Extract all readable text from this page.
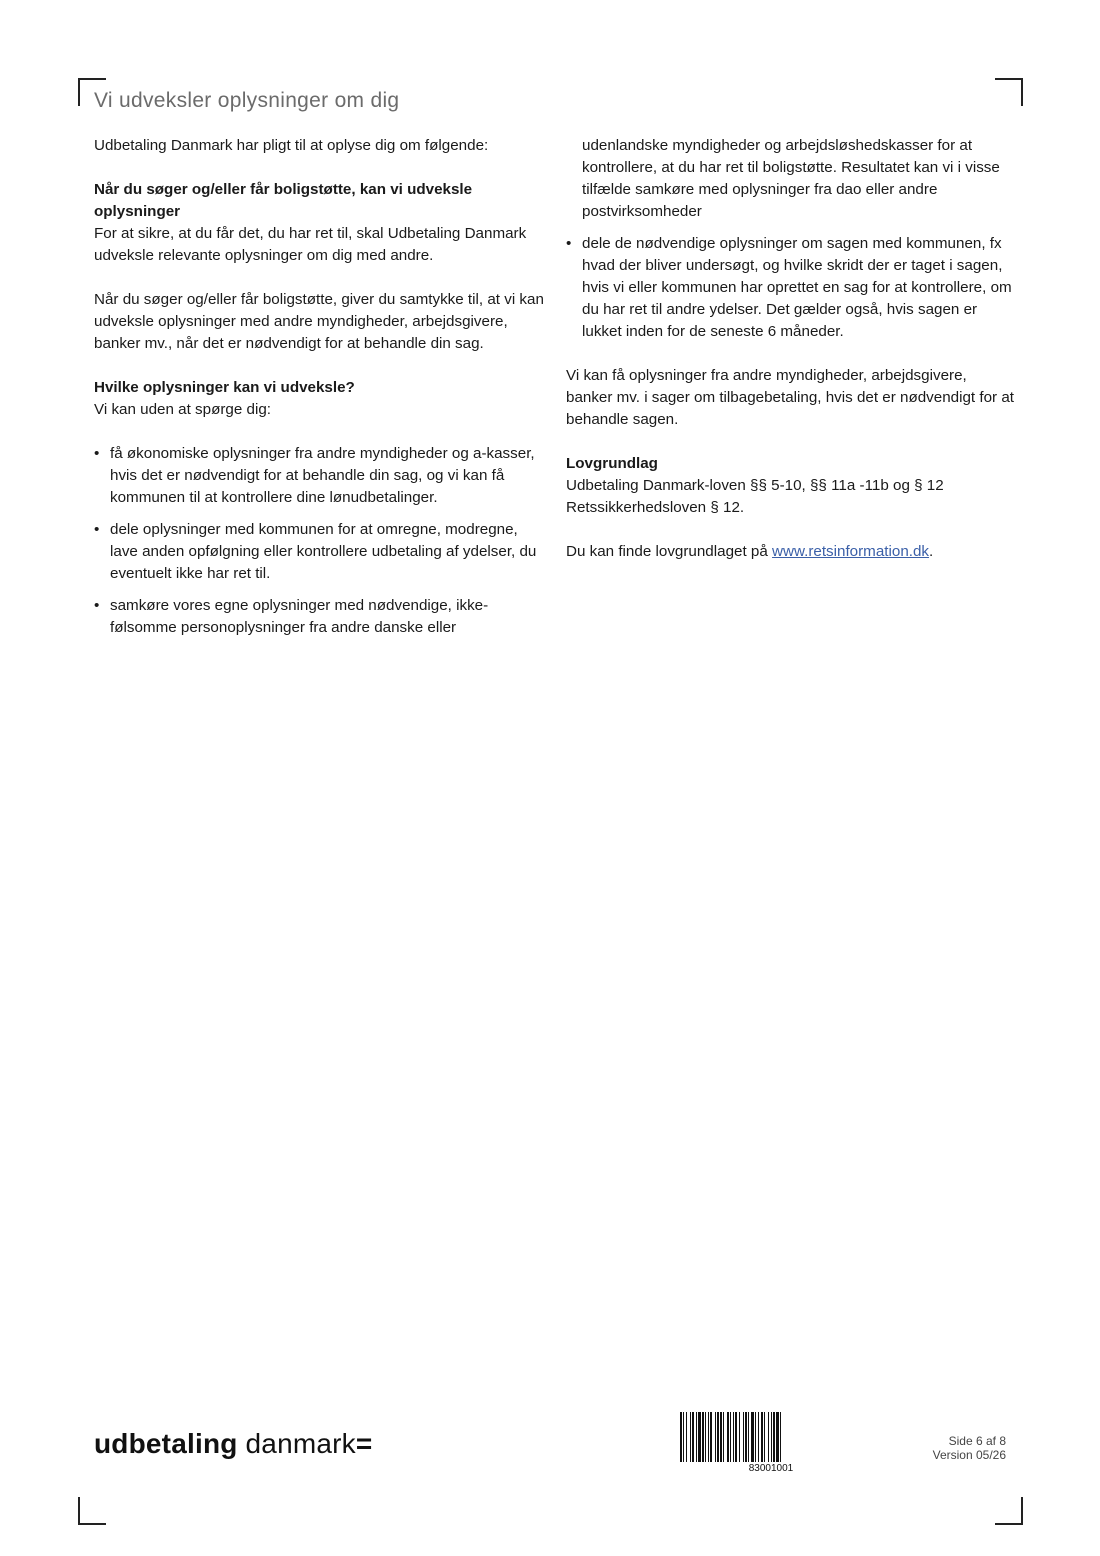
Vi udveksler oplysninger om dig

Udbetaling Danmark har pligt til at oplyse dig om følgende:

Når du søger og/eller får boligstøtte, kan vi udveksle oplysninger

For at sikre, at du får det, du har ret til, skal Udbetaling Danmark udveksle relevante oplysninger om dig med andre.

Når du søger og/eller får boligstøtte, giver du samtykke til, at vi kan udveksle oplysninger med andre myndigheder, arbejdsgivere, banker mv., når det er nødvendigt for at behandle din sag.

Hvilke oplysninger kan vi udveksle?

Vi kan uden at spørge dig:

• få økonomiske oplysninger fra andre myndigheder og a-kasser, hvis det er nødvendigt for at behandle din sag, og vi kan få kommunen til at kontrollere dine lønudbetalinger.
• dele oplysninger med kommunen for at omregne, modregne, lave anden opfølgning eller kontrollere udbetaling af ydelser, du eventuelt ikke har ret til.
• samkøre vores egne oplysninger med nødvendige, ikke-følsomme personoplysninger fra andre danske eller

udenlandske myndigheder og arbejdsløshedskasser for at kontrollere, at du har ret til boligstøtte. Resultatet kan vi i visse tilfælde samkøre med oplysninger fra dao eller andre postvirksomheder

• dele de nødvendige oplysninger om sagen med kommunen, fx hvad der bliver undersøgt, og hvilke skridt der er taget i sagen, hvis vi eller kommunen har oprettet en sag for at kontrollere, om du har ret til andre ydelser. Det gælder også, hvis sagen er lukket inden for de seneste 6 måneder.

Vi kan få oplysninger fra andre myndigheder, arbejdsgivere, banker mv. i sager om tilbagebetaling, hvis det er nødvendigt for at behandle sagen.

Lovgrundlag

Udbetaling Danmark-loven §§ 5-10, §§ 11a -11b og § 12

Retssikkerhedsloven § 12.

Du kan finde lovgrundlaget på www.retsinformation.dk.

udbetaling danmark=
83001001
Side 6 af 8
Version 05/26
